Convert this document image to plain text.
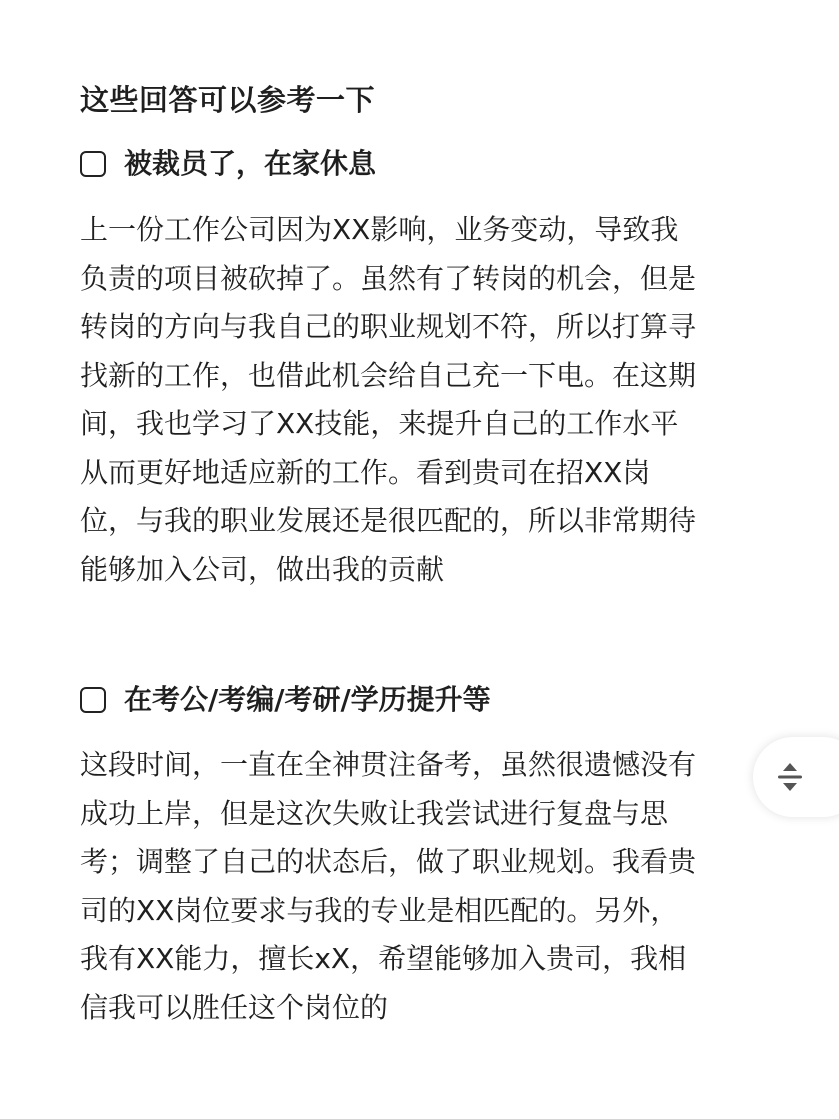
这些回答可以参考一下
被裁员了，在家休息
上一份工作公司因为XX影响，业务变动，导致我
负责的项目被砍掉了。虽然有了转岗的机会，但是
转岗的方向与我自己的职业规划不符，所以打算寻
找新的工作，也借此机会给自己充一下电。在这期
间，我也学习了XX技能，来提升自己的工作水平
从而更好地适应新的工作。看到贵司在招XX岗
位，与我的职业发展还是很匹配的，所以非常期待
能够加入公司，做出我的贡献
在考公/考编/考研/学历提升等
这段时间，一直在全神贯注备考，虽然很遗憾没有
成功上岸，但是这次失败让我尝试进行复盘与思
考；调整了自己的状态后，做了职业规划。我看贵
司的XX岗位要求与我的专业是相匹配的。另外，
我有XX能力，擅长xX，希望能够加入贵司，我相
信我可以胜任这个岗位的
